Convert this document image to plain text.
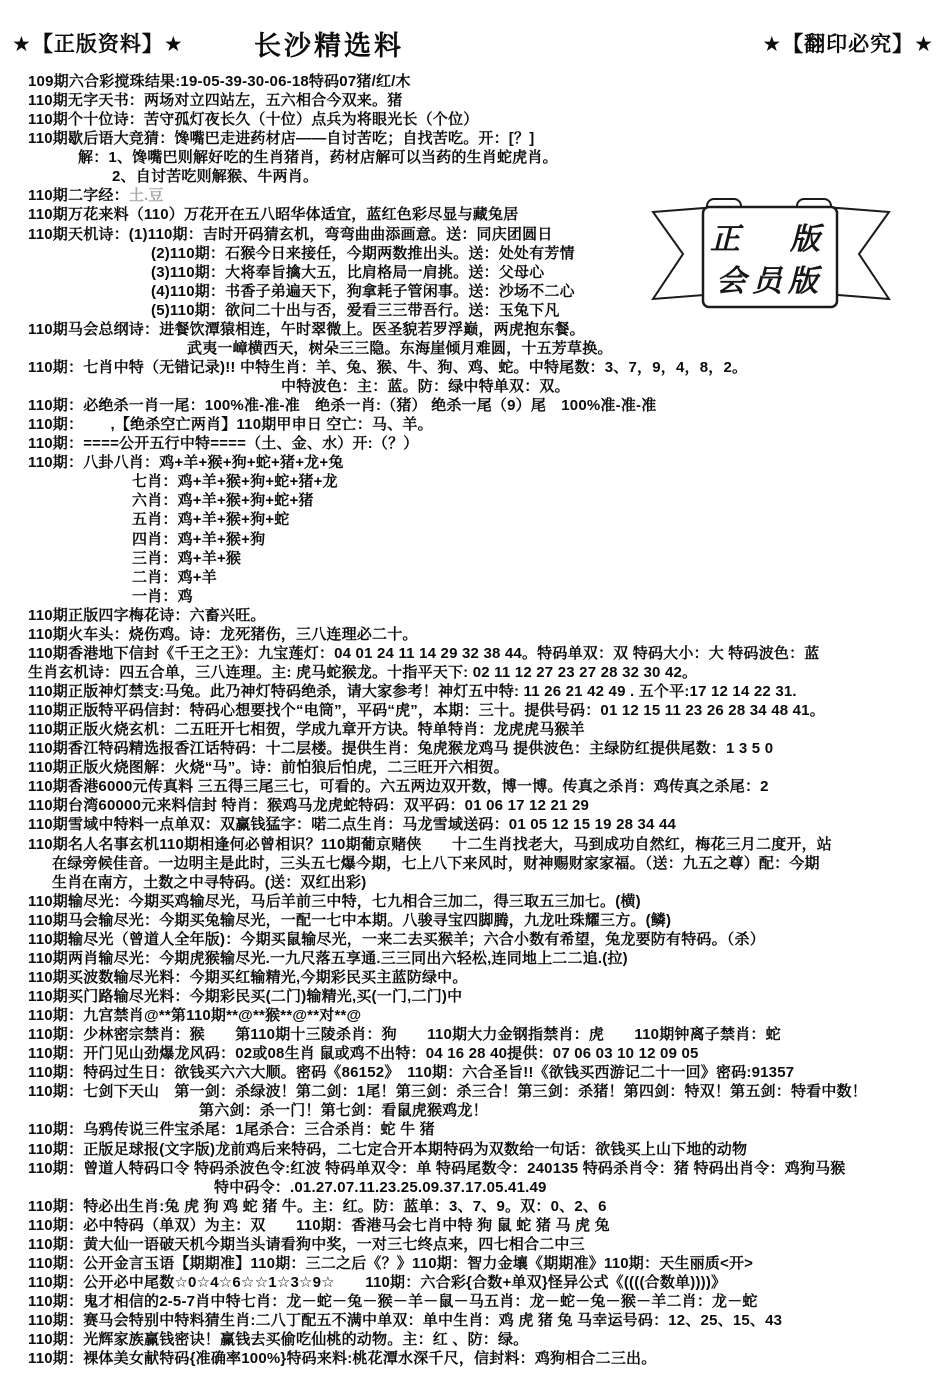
★【正版资料】★	长沙精选料	★【翻印必究】★
109期六合彩搅珠结果:19-05-39-30-06-18特码07猪/红/木
110期无字天书：两场对立四站左，五六相合今双来。猪
110期个十位诗：苦守孤灯夜长久（十位）点兵为将眼光长（个位）
110期歇后语大竞猜：馋嘴巴走进药材店——自讨苦吃；自找苦吃。开：[？]
解：1、馋嘴巴则解好吃的生肖猪肖，药材店解可以当药的生肖蛇虎肖。
2、自讨苦吃则解猴、牛两肖。
110期二字经：土.豆
110期万花来料（110）万花开在五八昭华体适宜，蓝红色彩尽显与藏兔居
110期天机诗：(1)110期：吉时开码猜玄机，弯弯曲曲添画意。送：同庆团圆日
(2)110期：石猴今日来接任，今期两数推出头。送：处处有芳情
(3)110期：大将奉旨擒大五，比肩格局一肩挑。送：父母心
(4)110期：书香子弟遍天下，狗拿耗子管闲事。送：沙场不二心
(5)110期：欲问二十出与否，爱看三三带吾行。送：玉兔下凡
110期马会总纲诗：进餐饮潭猿相连，午时翠微上。医圣貌若罗浮巅，两虎抱东餐。
武夷一嶂横西天，树朵三三隐。东海崖倾月难圆，十五芳草换。
110期：七肖中特（无错记录)!! 中特生肖：羊、兔、猴、牛、狗、鸡、蛇。中特尾数：3、7，9，4，8，2。
中特波色：主：蓝。防：绿中特单双：双。
110期：必绝杀一肖一尾：100%准-准-准　绝杀一肖:（猪） 绝杀一尾（9）尾　100%准-准-准
110期：　　 ,【绝杀空亡两肖】110期甲申日 空亡：马、羊。
110期：====公开五行中特====（土、金、水）开:（？）
110期：八卦八肖：鸡+羊+猴+狗+蛇+猪+龙+兔
七肖：鸡+羊+猴+狗+蛇+猪+龙
六肖：鸡+羊+猴+狗+蛇+猪
五肖：鸡+羊+猴+狗+蛇
四肖：鸡+羊+猴+狗
三肖：鸡+羊+猴
二肖：鸡+羊
一肖：鸡
110期正版四字梅花诗：六畜兴旺。
110期火车头：烧伤鸡。诗：龙死猪伤，三八连理必二十。
110期香港地下信封《千王之王》：九宝莲灯：04 01 24 11 14 29 32 38 44。特码单双：双 特码大小：大 特码波色：蓝
生肖玄机诗：四五合单，三八连理。主: 虎马蛇猴龙。十指平天下: 02 11 12 27 23 27 28 32 30 42。
110期正版神灯禁支:马兔。此乃神灯特码绝杀，请大家参考！神灯五中特: 11 26 21 42 49 . 五个平:17 12 14 22 31.
110期正版特平码信封：特码心想要找个“电筒”，平码“虎”，本期：三十。提供号码：01 12 15 11 23 26 28 34 48 41。
110期正版火烧玄机：二五旺开七相贺，学成九章开方诀。特单特肖：龙虎虎马猴羊
110期香江特码精选报香江话特码：十二层楼。提供生肖：兔虎猴龙鸡马 提供波色：主绿防红提供尾数：1 3 5 0
110期正版火烧图解：火烧“马”。诗：前怕狼后怕虎，二三旺开六相贺。
110期香港6000元传真料 三五得三尾三七，可看的。六五两边双开数，博一博。传真之杀肖：鸡传真之杀尾：2
110期台湾60000元来料信封 特肖：猴鸡马龙虎蛇特码：双平码：01 06 17 12 21 29
110期雪域中特料一点单双：双赢钱猛字：喏二点生肖：马龙雪域送码：01 05 12 15 19 28 34 44
110期名人名事玄机110期相逢何必曾相识？110期葡京赌侠　　十二生肖找老大，马到成功自然红，梅花三月二度开，站
在绿旁候佳音。一边明主是此时，三头五七爆今期，七上八下来风时，财神赐财家家福。（送：九五之尊）配：今期
生肖在南方，土数之中寻特码。(送：双红出彩)
110期输尽光：今期买鸡输尽光，马后羊前三中特，七九相合三加二，得三取五三加七。(横)
110期马会输尽光：今期买兔输尽光，一配一七中本期。八骏寻宝四脚腾，九龙吐珠耀三方。(鳞)
110期输尽光（曾道人全年版)：今期买鼠输尽光，一来二去买猴羊；六合小数有希望，兔龙要防有特码。（杀）
110期两肖输尽光：今期虎猴输尽光.一九尺落五享通.三三同出六轻松,连同地上二二追.(拉)
110期买波数输尽光料：今期买红输精光,今期彩民买主蓝防绿中。
110期买门路输尽光料：今期彩民买(二门)输精光,买(一门,二门)中
110期：九宫禁肖@**第110期**@**猴**@**对**@
110期：少林密宗禁肖：猴　　第110期十三陵杀肖：狗　　110期大力金钢指禁肖：虎　　110期钟离子禁肖：蛇
110期：开门见山劲爆龙风码：02或08生肖 鼠或鸡不出特：04 16 28 40提供：07 06 03 10 12 09 05
110期：特码过生日：欲钱买六六大顺。密码《86152》　110期：六合圣旨!!《欲钱买西游记二十一回》密码:91357
110期：七剑下天山　第一剑：杀绿波！第二剑：1尾！第三剑：杀三合！第三剑：杀猪！第四剑：特双！第五剑：特看中数！
第六剑：杀一门！第七剑：看鼠虎猴鸡龙！
110期：乌鸦传说三件宝杀尾：1尾杀合：三合杀肖：蛇 牛 猪
110期：正版足球报(文字版)龙前鸡后来特码，二七定合开本期特码为双数给一句话：欲钱买上山下地的动物
110期：曾道人特码口令 特码杀波色令:红波 特码单双令：单 特码尾数令：240135 特码杀肖令：猪 特码出肖令：鸡狗马猴
特中码令：.01.27.07.11.23.25.09.37.17.05.41.49
110期：特必出生肖:兔 虎 狗 鸡 蛇 猪 牛。主：红。防：蓝单：3、7、9。双：0、2、6
110期：必中特码（单双）为主：双　　110期：香港马会七肖中特 狗 鼠 蛇 猪 马 虎 兔
110期：黄大仙一语破天机今期当头请看狗中奖，一对三七终点来，四七相合二中三
110期：公开金言玉语【期期准】110期：三二之后《？》110期：智力金壤《期期准》110期：天生丽质<开>
110期：公开必中尾数☆0☆4☆6☆☆1☆3☆9☆　　110期：六合彩{合数+单双}怪异公式《((((合数单))))》
110期：鬼才相信的2-5-7肖中特七肖：龙－蛇－兔－猴－羊－鼠－马五肖：龙－蛇－兔－猴－羊二肖：龙－蛇
110期：赛马会特别中特料猜生肖:二八丁配五不满中单双：单中生肖：鸡 虎 猪 兔 马幸运号码：12、25、15、43
110期：光辉家族赢钱密诀！赢钱去买偷吃仙桃的动物。主：红 、防：绿。
110期：裸体美女献特码{准确率100%}特码来料:桃花潭水深千尺，信封料：鸡狗相合二三出。
正　版
会员版
